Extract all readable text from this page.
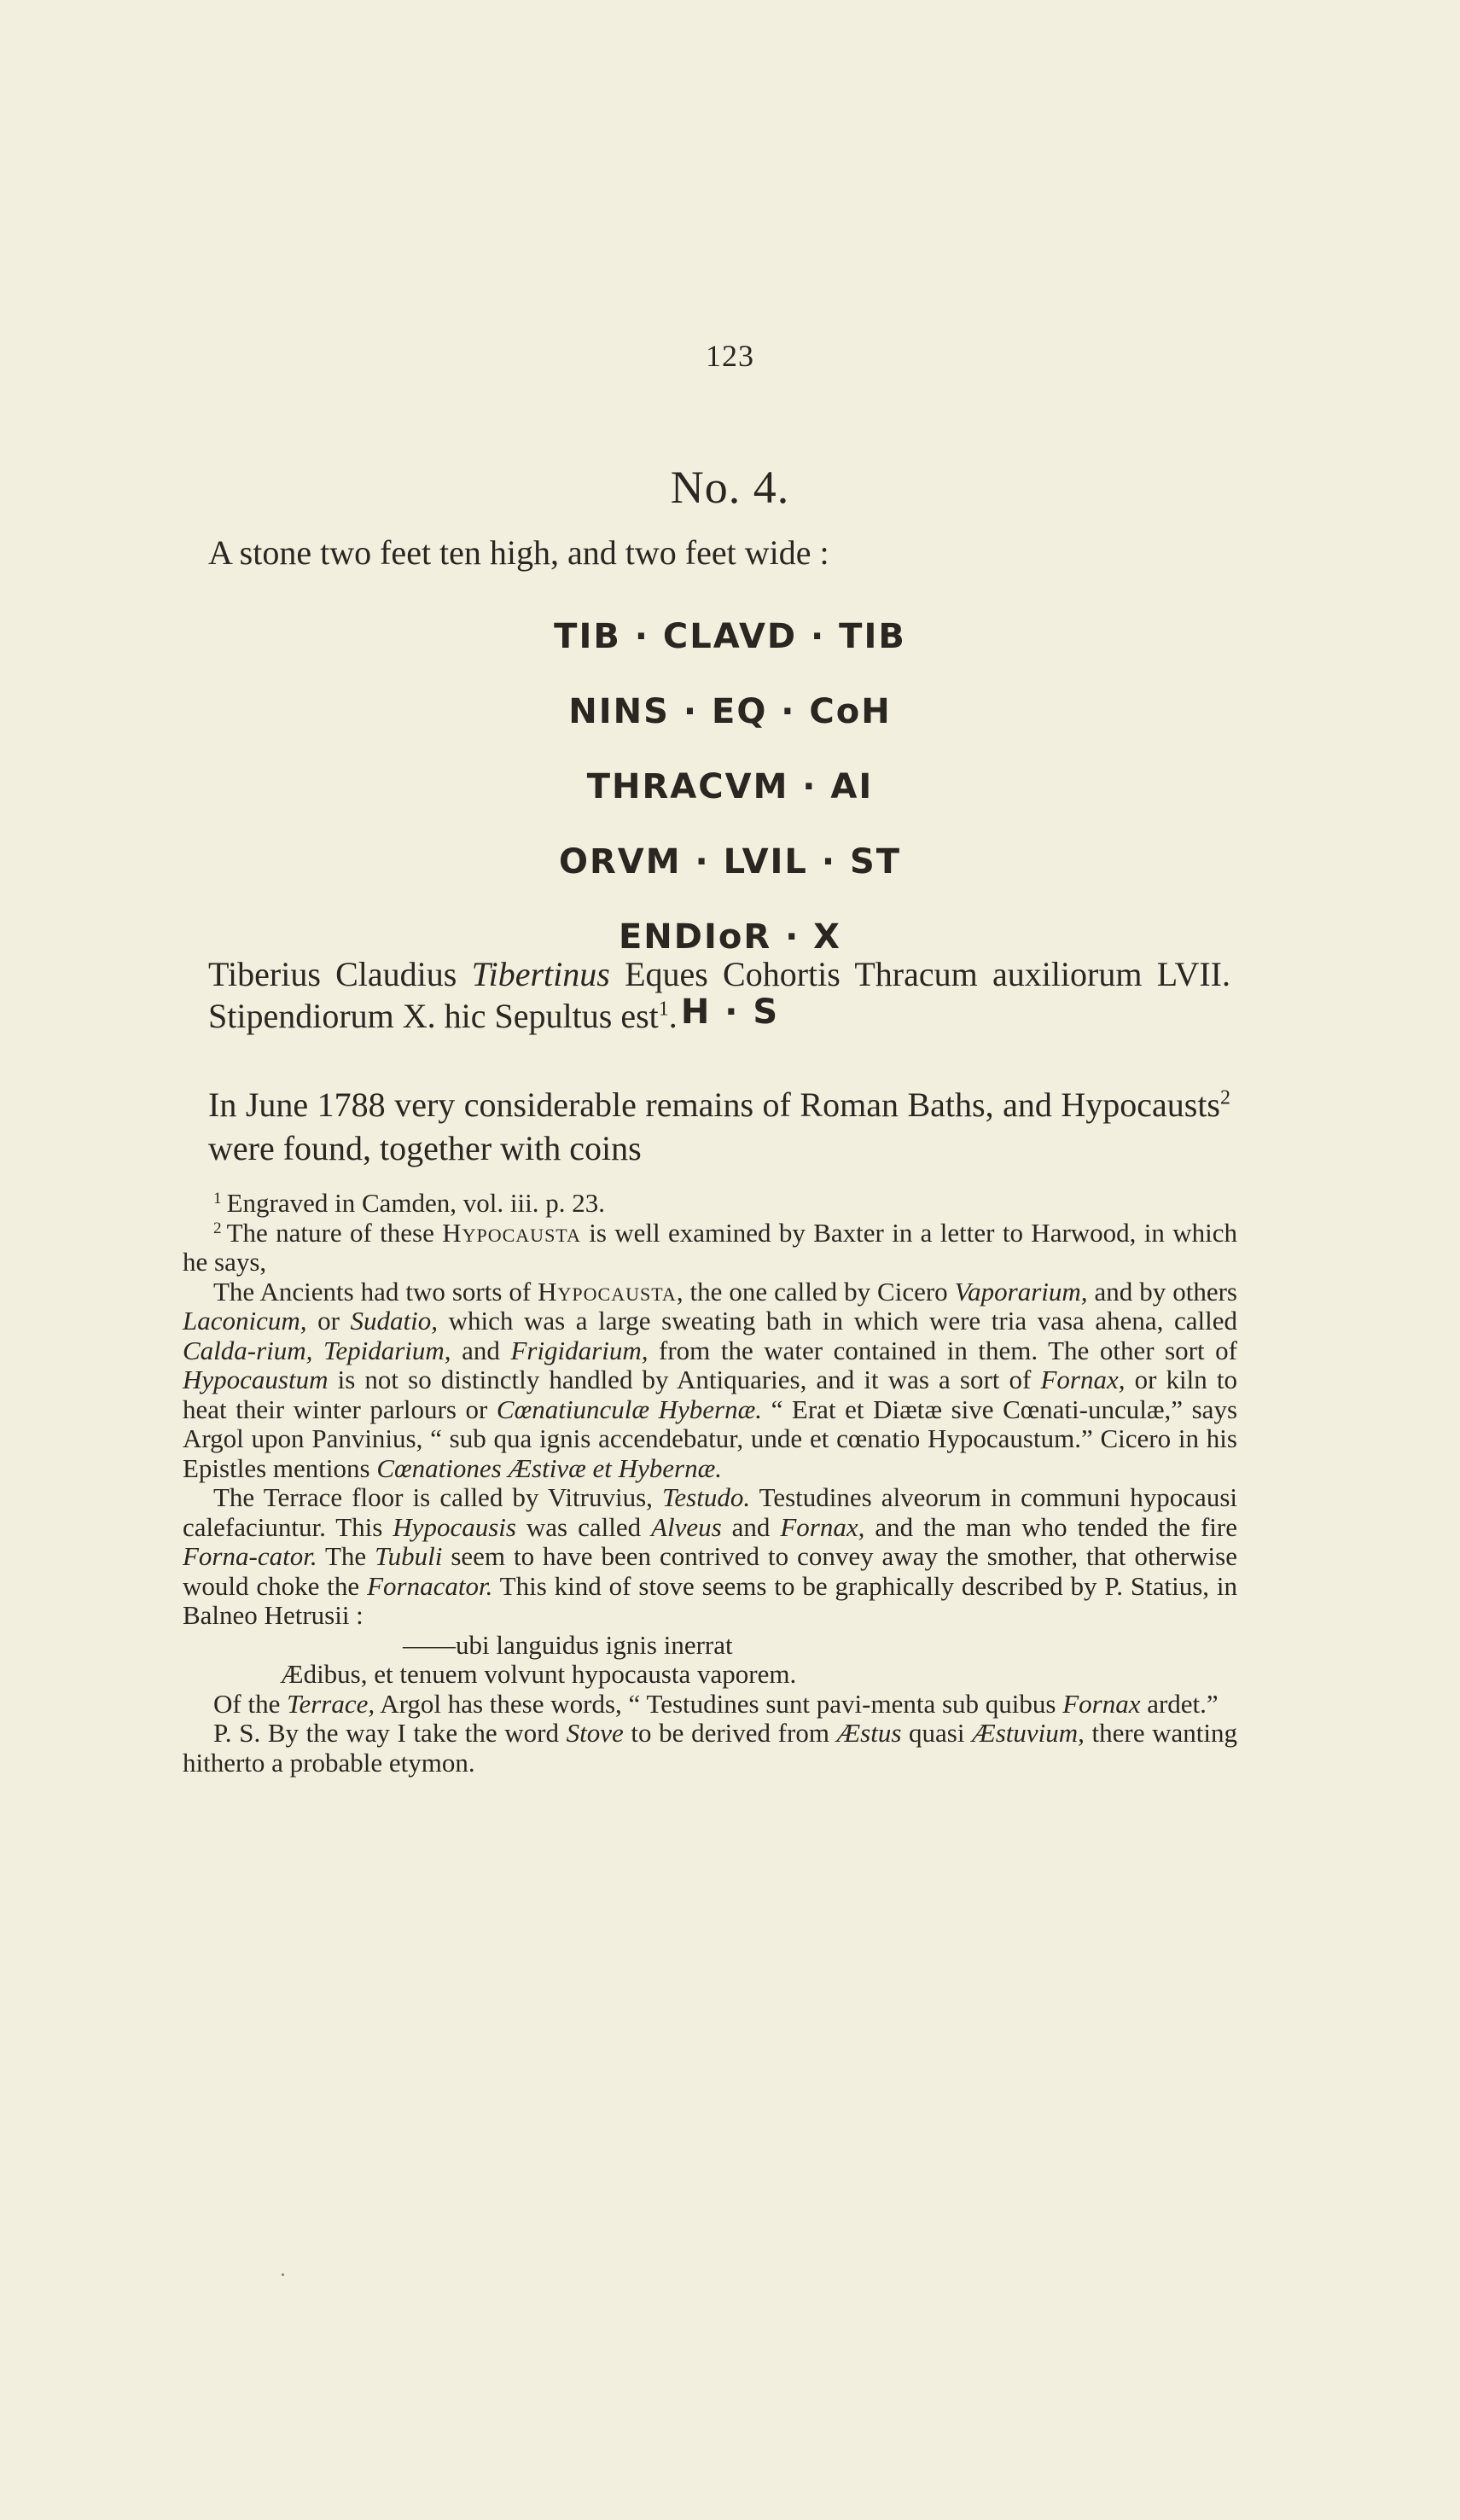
123
No. 4.
A stone two feet ten high, and two feet wide :
TIB · CLAVD · TIB
NINS · EQ · CoH
THRACVM · AI
ORVM · LVIL · ST
ENDIoR · X
H · S
Tiberius Claudius Tibertinus Eques Cohortis Thracum auxiliorum LVII. Stipendiorum X. hic Sepultus est$^1$.
In June 1788 very considerable remains of Roman Baths, and Hypocausts$^2$ were found, together with coins

$^1$ Engraved in Camden, vol. iii. p. 23.

$^2$ The nature of these Hypocausta is well examined by Baxter in a letter to Harwood, in which he says,

The Ancients had two sorts of Hypocausta, the one called by Cicero Vaporarium, and by others Laconicum, or Sudatio, which was a large sweating bath in which were tria vasa ahena, called Calda-rium, Tepidarium, and Frigidarium, from the water contained in them. The other sort of Hypocaustum is not so distinctly handled by Antiquaries, and it was a sort of Fornax, or kiln to heat their winter parlours or Cœnatiunculæ Hybernæ. “ Erat et Diætæ sive Cœnati-unculæ,” says Argol upon Panvinius, “ sub qua ignis accendebatur, unde et cœnatio Hypocaustum.” Cicero in his Epistles mentions Cœnationes Æstivæ et Hybernæ.

The Terrace floor is called by Vitruvius, Testudo. Testudines alveorum in communi hypocausi calefaciuntur. This Hypocausis was called Alveus and Fornax, and the man who tended the fire Forna-cator. The Tubuli seem to have been contrived to convey away the smother, that otherwise would choke the Fornacator. This kind of stove seems to be graphically described by P. Statius, in Balneo Hetrusii :

——ubi languidus ignis inerrat

Ædibus, et tenuem volvunt hypocausta vaporem.

Of the Terrace, Argol has these words, “ Testudines sunt pavi-menta sub quibus Fornax ardet.”

P. S. By the way I take the word Stove to be derived from Æstus quasi Æstuvium, there wanting hitherto a probable etymon.
